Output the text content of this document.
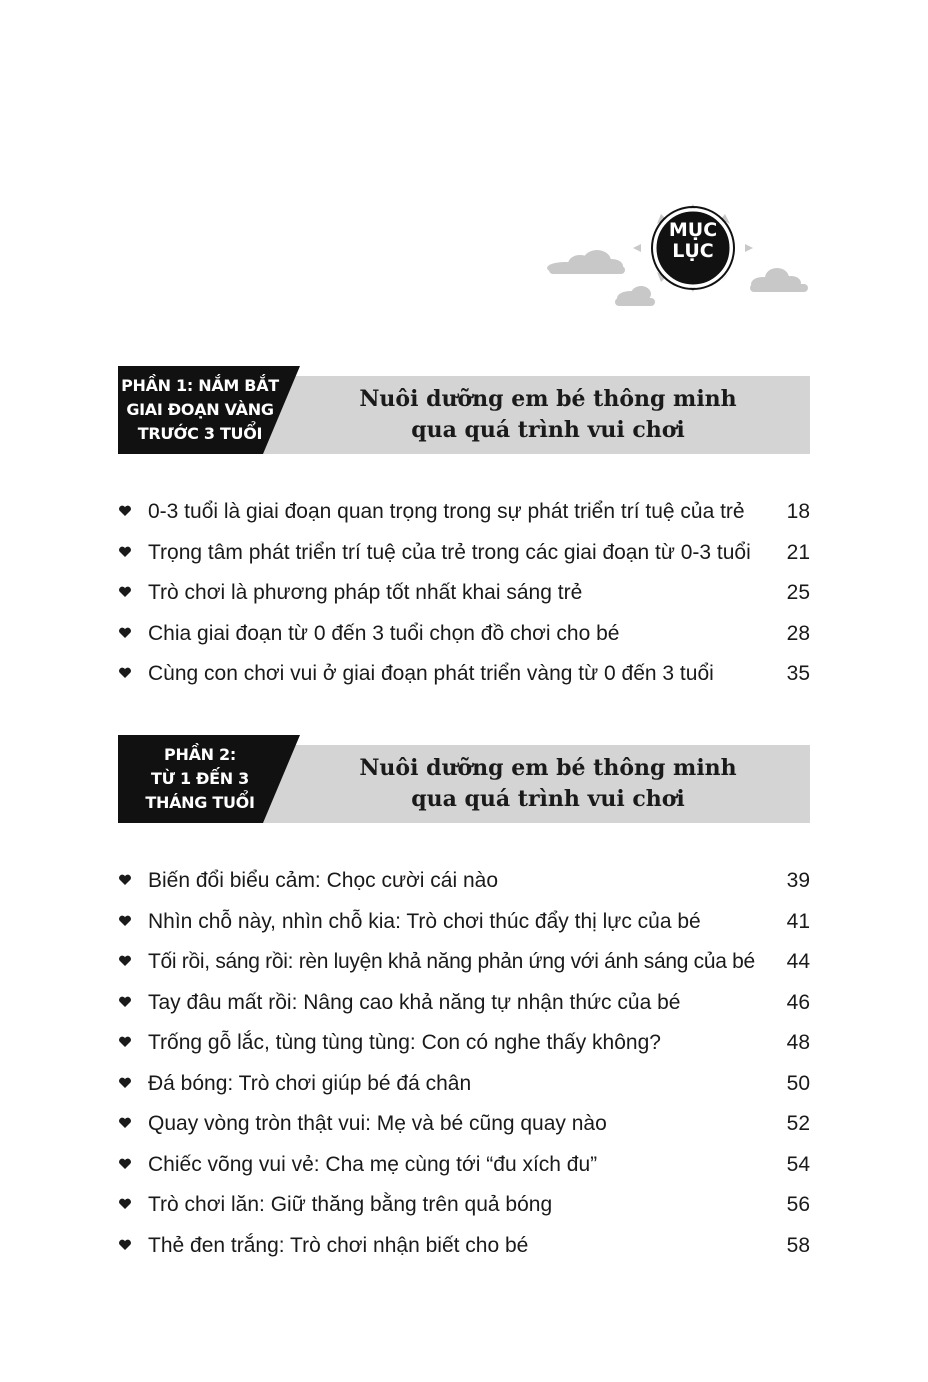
MỤC
LỤC
PHẦN 1: NẮM BẮT
GIAI ĐOẠN VÀNG
TRƯỚC 3 TUỔI
Nuôi dưỡng em bé thông minh
qua quá trình vui chơi
0-3 tuổi là giai đoạn quan trọng trong sự phát triển trí tuệ của trẻ 18
Trọng tâm phát triển trí tuệ của trẻ trong các giai đoạn từ 0-3 tuổi 21
Trò chơi là phương pháp tốt nhất khai sáng trẻ	25
Chia giai đoạn từ 0 đến 3 tuổi chọn đồ chơi cho bé	28
Cùng con chơi vui ở giai đoạn phát triển vàng từ 0 đến 3 tuổi	35
PHẦN 2:
TỪ 1 ĐẾN 3
THÁNG TUỔI
Nuôi dưỡng em bé thông minh
qua quá trình vui chơi
Biến đổi biểu cảm: Chọc cười cái nào	39
Nhìn chỗ này, nhìn chỗ kia: Trò chơi thúc đẩy thị lực của bé	41
Tối rồi, sáng rồi: rèn luyện khả năng phản ứng với ánh sáng của bé 44
Tay đâu mất rồi: Nâng cao khả năng tự nhận thức của bé	46
Trống gỗ lắc, tùng tùng tùng: Con có nghe thấy không?	48
Đá bóng: Trò chơi giúp bé đá chân	50
Quay vòng tròn thật vui: Mẹ và bé cũng quay nào	52
Chiếc võng vui vẻ: Cha mẹ cùng tới “đu xích đu”	54
Trò chơi lăn: Giữ thăng bằng trên quả bóng	56
Thẻ đen trắng: Trò chơi nhận biết cho bé	58
